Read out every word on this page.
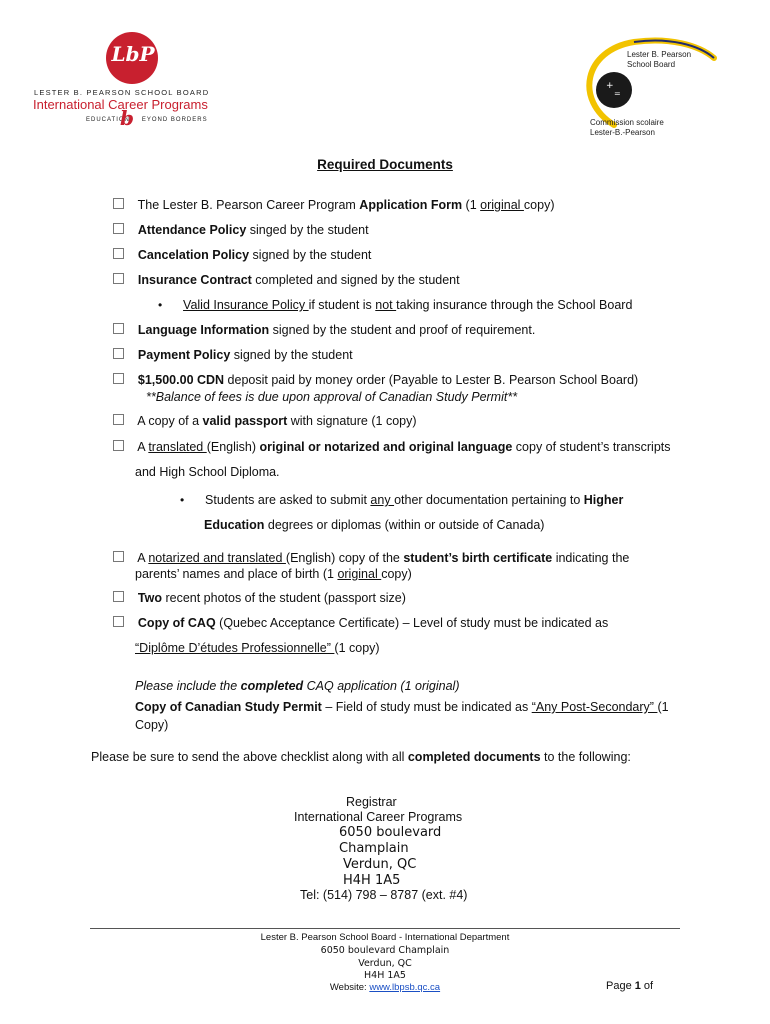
LbP
LESTER B. PEARSON SCHOOL BOARD
International Career Programs
EDUCATION EYOND BORDERS
b
+
=
Lester B. Pearson
School Board
Commission scolaire
Lester-B.-Pearson
Required Documents
The Lester B. Pearson Career Program Application Form (1 original copy)
Attendance Policy singed by the student
Cancelation Policy signed by the student
Insurance Contract completed and signed by the student
• Valid Insurance Policy if student is not taking insurance through the School Board
Language Information signed by the student and proof of requirement.
Payment Policy signed by the student
$1,500.00 CDN deposit paid by money order (Payable to Lester B. Pearson School Board)
**Balance of fees is due upon approval of Canadian Study Permit**
A copy of a valid passport with signature (1 copy)
A translated (English) original or notarized and original language copy of student’s transcripts
and High School Diploma.
• Students are asked to submit any other documentation pertaining to Higher
Education degrees or diplomas (within or outside of Canada)
A notarized and translated (English) copy of the student’s birth certificate indicating the
parents’ names and place of birth (1 original copy)
Two recent photos of the student (passport size)
Copy of CAQ (Quebec Acceptance Certificate) – Level of study must be indicated as
“Diplôme D’études Professionnelle” (1 copy)
Please include the completed CAQ application (1 original)
Copy of Canadian Study Permit – Field of study must be indicated as “Any Post-Secondary” (1
Copy)
Please be sure to send the above checklist along with all completed documents to the following:
Registrar
International Career Programs
6050 boulevard
Champlain
Verdun, QC
H4H 1A5
Tel: (514) 798 – 8787 (ext. #4)
Lester B. Pearson School Board - International Department
6050 boulevard Champlain
Verdun, QC
H4H 1A5
Website: www.lbpsb.qc.ca	Page 1 of
